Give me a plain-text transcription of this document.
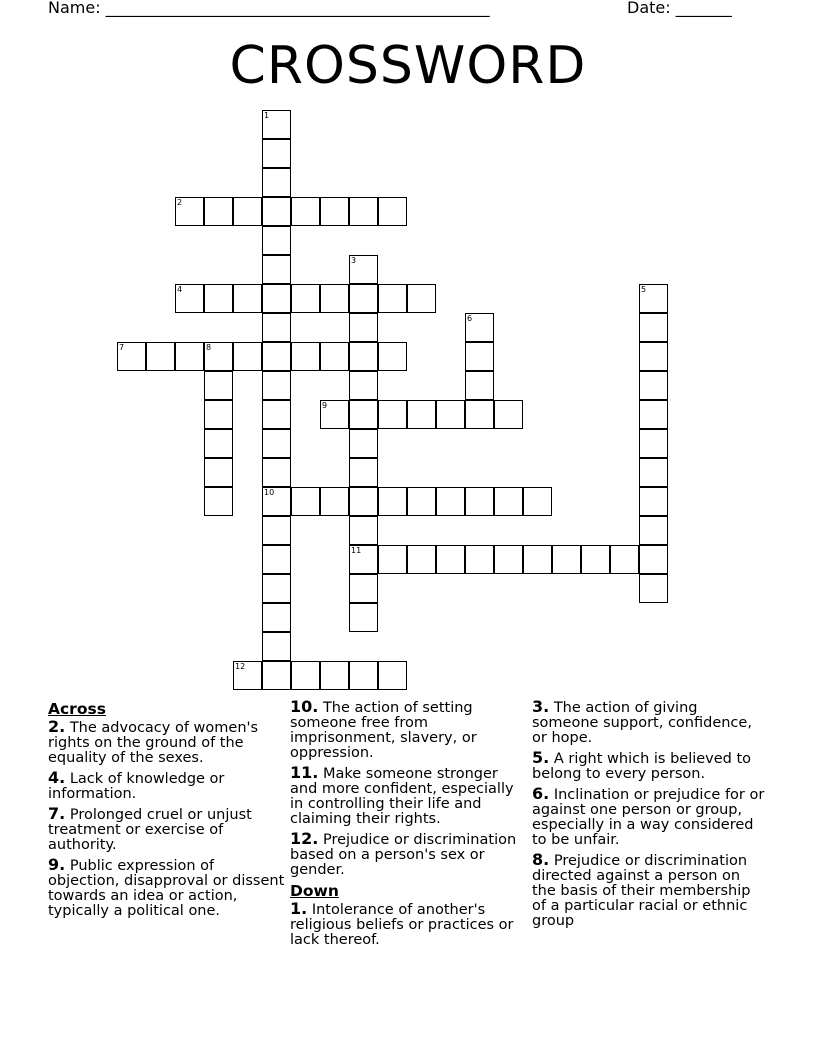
Name: ________________________________________________	Date: _______
CROSSWORD
1
2
3
4	5
6
7	8
9
10
11
12
Across
2. The advocacy of women's rights on the ground of the equality of the sexes.
4. Lack of knowledge or information.
7. Prolonged cruel or unjust treatment or exercise of authority.
9. Public expression of objection, disapproval or dissent towards an idea or action, typically a political one.
10. The action of setting someone free from imprisonment, slavery, or oppression.
11. Make someone stronger and more confident, especially in controlling their life and claiming their rights.
12. Prejudice or discrimination based on a person's sex or gender.
Down
1. Intolerance of another's religious beliefs or practices or lack thereof.
3. The action of giving someone support, confidence, or hope.
5. A right which is believed to belong to every person.
6. Inclination or prejudice for or against one person or group, especially in a way considered to be unfair.
8. Prejudice or discrimination directed against a person on the basis of their membership of a particular racial or ethnic group
